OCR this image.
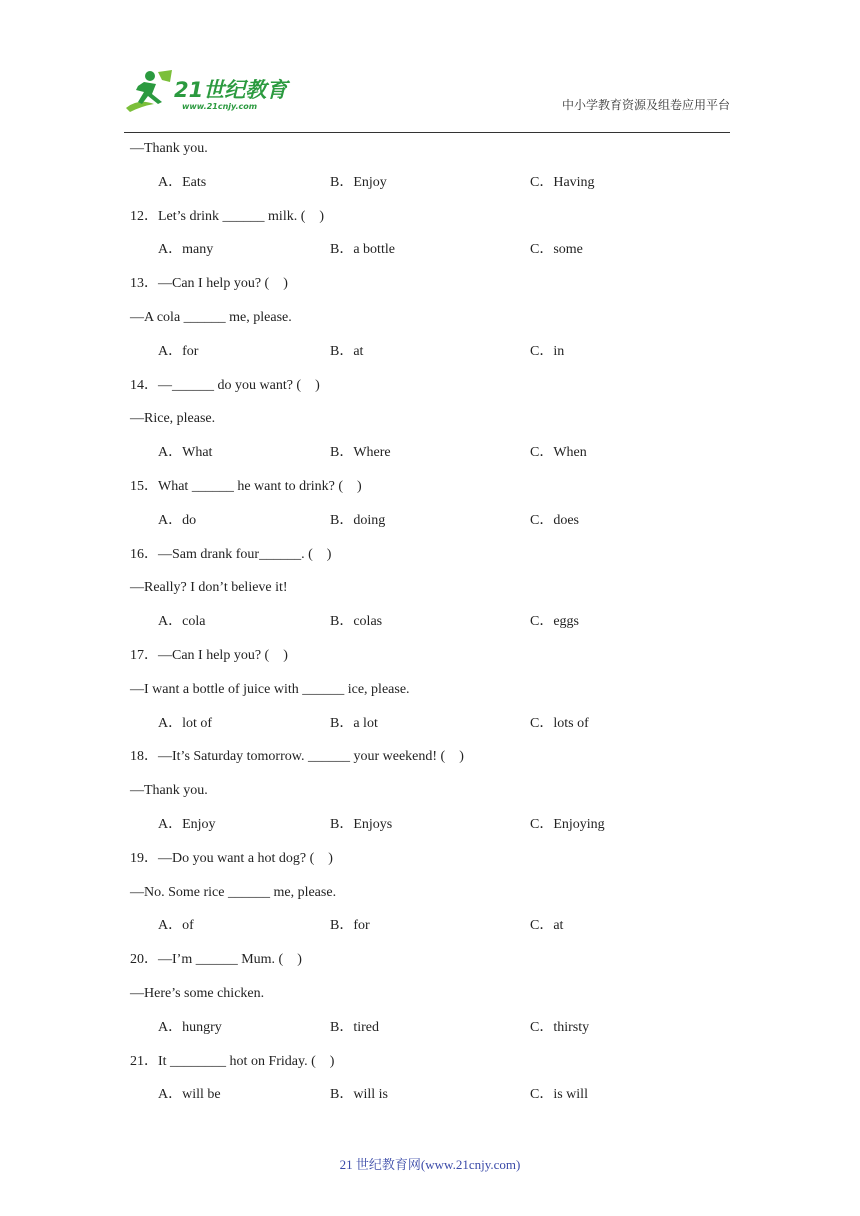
21世纪教育
www.21cnjy.com	中小学教育资源及组卷应用平台
—Thank you.
A．Eats	B．Enjoy	C．Having
12．Let’s drink ______ milk. (    )
A．many	B．a bottle	C．some
13．—Can I help you? (    )
—A cola ______ me, please.
A．for	B．at	C．in
14．—______ do you want? (    )
—Rice, please.
A．What	B．Where	C．When
15．What ______ he want to drink? (    )
A．do	B．doing	C．does
16．—Sam drank four______. (    )
—Really? I don’t believe it!
A．cola	B．colas	C．eggs
17．—Can I help you? (    )
—I want a bottle of juice with ______ ice, please.
A．lot of	B．a lot	C．lots of
18．—It’s Saturday tomorrow. ______ your weekend! (    )
—Thank you.
A．Enjoy	B．Enjoys	C．Enjoying
19．—Do you want a hot dog? (    )
—No. Some rice ______ me, please.
A．of	B．for	C．at
20．—I’m ______ Mum. (    )
—Here’s some chicken.
A．hungry	B．tired	C．thirsty
21．It ________ hot on Friday. (    )
A．will be	B．will is	C．is will
21 世纪教育网(www.21cnjy.com)
